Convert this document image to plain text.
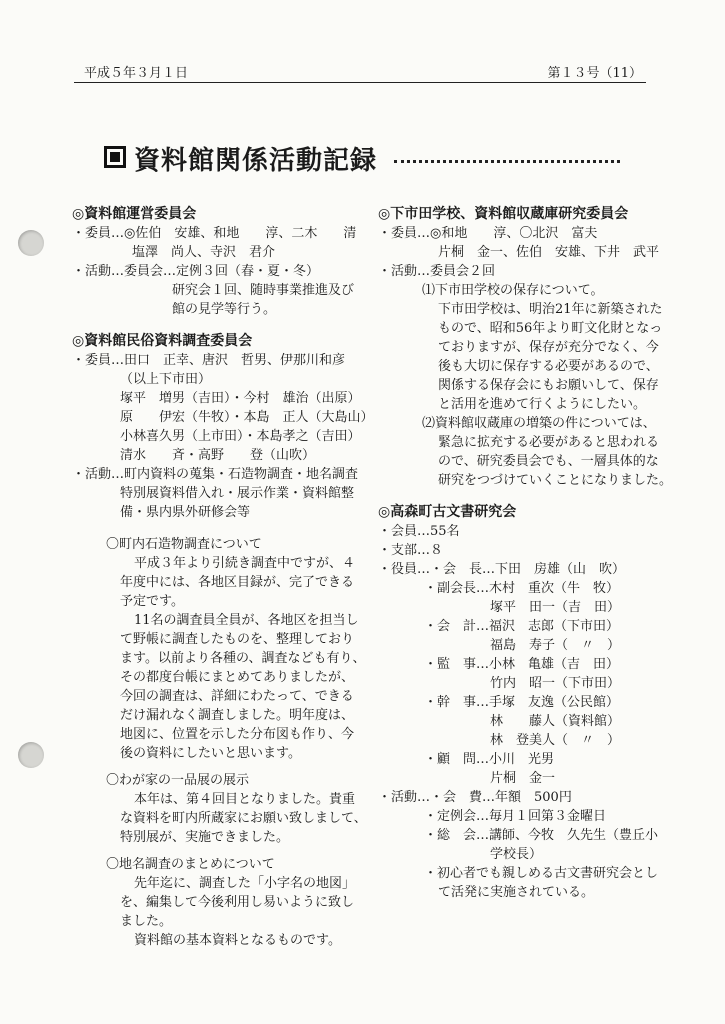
平成５年３月１日	第１３号（11）
資料館関係活動記録

◎資料館運営委員会

・委員…◎佐伯　安雄、和地　　淳、二木　　清

塩澤　尚人、寺沢　君介

・活動…委員会…定例３回（春・夏・冬）

研究会１回、随時事業推進及び

館の見学等行う。

◎資料館民俗資料調査委員会

・委員…田口　正幸、唐沢　哲男、伊那川和彦

（以上下市田）

塚平　増男（吉田）・今村　雄治（出原）

原　　伊宏（牛牧）・本島　正人（大島山）

小林喜久男（上市田）・本島孝之（吉田）

清水　　斉・高野　　登（山吹）

・活動…町内資料の蒐集・石造物調査・地名調査

特別展資料借入れ・展示作業・資料館整

備・県内県外研修会等

〇町内石造物調査について

平成３年より引続き調査中ですが、４

年度中には、各地区目録が、完了できる

予定です。

11名の調査員全員が、各地区を担当し

て野帳に調査したものを、整理しており

ます。以前より各種の、調査なども有り、

その都度台帳にまとめてありましたが、

今回の調査は、詳細にわたって、できる

だけ漏れなく調査しました。明年度は、

地図に、位置を示した分布図も作り、今

後の資料にしたいと思います。

〇わが家の一品展の展示

本年は、第４回目となりました。貴重

な資料を町内所蔵家にお願い致しまして、

特別展が、実施できました。

〇地名調査のまとめについて

先年迄に、調査した「小字名の地図」

を、編集して今後利用し易いように致し

ました。

資料館の基本資料となるものです。

◎下市田学校、資料館収蔵庫研究委員会

・委員…◎和地　　淳、〇北沢　富夫

片桐　金一、佐伯　安雄、下井　武平

・活動…委員会２回

⑴下市田学校の保存について。

下市田学校は、明治21年に新築された

もので、昭和56年より町文化財となっ

ておりますが、保存が充分でなく、今

後も大切に保存する必要があるので、

関係する保存会にもお願いして、保存

と活用を進めて行くようにしたい。

⑵資料館収蔵庫の増築の件については、

緊急に拡充する必要があると思われる

ので、研究委員会でも、一層具体的な

研究をつづけていくことになりました。

◎高森町古文書研究会

・会員…55名

・支部…８

・役員…・会　長…下田　房雄（山　吹）

・副会長…木村　重次（牛　牧）

塚平　田一（吉　田）

・会　計…福沢　志郎（下市田）

福島　寿子（　〃　）

・監　事…小林　亀雄（吉　田）

竹内　昭一（下市田）

・幹　事…手塚　友逸（公民館）

林　　藤人（資料館）

林　登美人（　〃　）

・顧　問…小川　光男

片桐　金一

・活動…・会　費…年額　500円

・定例会…毎月１回第３金曜日

・総　会…講師、今牧　久先生（豊丘小

学校長）

・初心者でも親しめる古文書研究会とし

て活発に実施されている。
